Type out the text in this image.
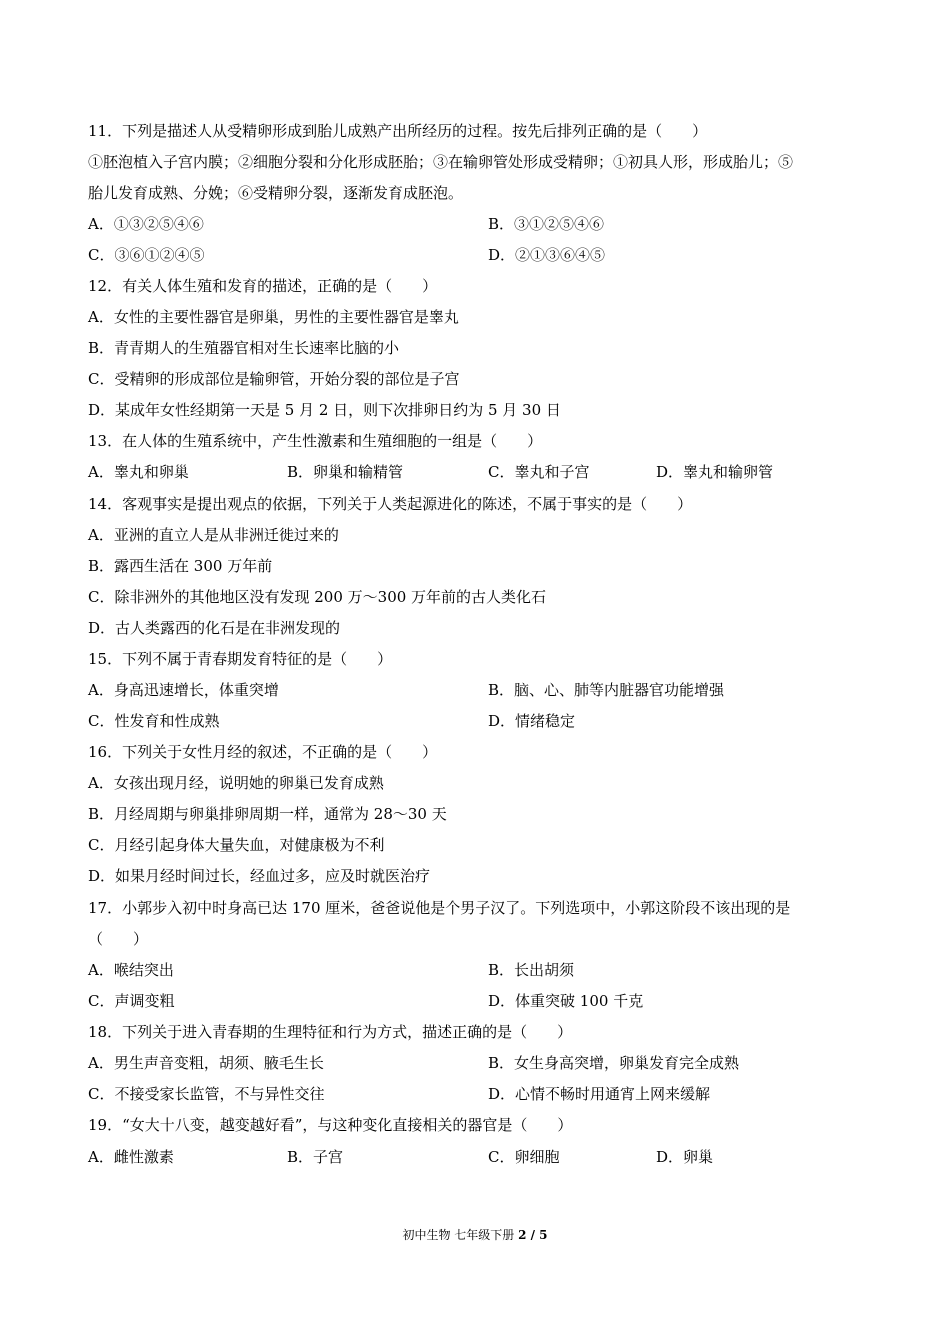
11．下列是描述人从受精卵形成到胎儿成熟产出所经历的过程。按先后排列正确的是（　　）
①胚泡植入子宫内膜；②细胞分裂和分化形成胚胎；③在输卵管处形成受精卵；①初具人形，形成胎儿；⑤
胎儿发育成熟、分娩；⑥受精卵分裂，逐渐发育成胚泡。
A．①③②⑤④⑥	B．③①②⑤④⑥
C．③⑥①②④⑤	D．②①③⑥④⑤
12．有关人体生殖和发育的描述，正确的是（　　）
A．女性的主要性器官是卵巢，男性的主要性器官是睾丸
B．青青期人的生殖器官相对生长速率比脑的小
C．受精卵的形成部位是输卵管，开始分裂的部位是子宫
D．某成年女性经期第一天是 5 月 2 日，则下次排卵日约为 5 月 30 日
13．在人体的生殖系统中，产生性激素和生殖细胞的一组是（　　）
A．睾丸和卵巢	B．卵巢和输精管	C．睾丸和子宫	D．睾丸和输卵管
14．客观事实是提出观点的依据，下列关于人类起源进化的陈述，不属于事实的是（　　）
A．亚洲的直立人是从非洲迁徙过来的
B．露西生活在 300 万年前
C．除非洲外的其他地区没有发现 200 万～300 万年前的古人类化石
D．古人类露西的化石是在非洲发现的
15．下列不属于青春期发育特征的是（　　）
A．身高迅速增长，体重突增	B．脑、心、肺等内脏器官功能增强
C．性发育和性成熟	D．情绪稳定
16．下列关于女性月经的叙述，不正确的是（　　）
A．女孩出现月经，说明她的卵巢已发育成熟
B．月经周期与卵巢排卵周期一样，通常为 28～30 天
C．月经引起身体大量失血，对健康极为不利
D．如果月经时间过长，经血过多，应及时就医治疗
17．小郭步入初中时身高已达 170 厘米，爸爸说他是个男子汉了。下列选项中，小郭这阶段不该出现的是
（　　）
A．喉结突出	B．长出胡须
C．声调变粗	D．体重突破 100 千克
18．下列关于进入青春期的生理特征和行为方式，描述正确的是（　　）
A．男生声音变粗，胡须、腋毛生长	B．女生身高突增，卵巢发育完全成熟
C．不接受家长监管，不与异性交往	D．心情不畅时用通宵上网来缓解
19．“女大十八变，越变越好看”，与这种变化直接相关的器官是（　　）
A．雌性激素	B．子宫	C．卵细胞	D．卵巢
初中生物 七年级下册 2 / 5
